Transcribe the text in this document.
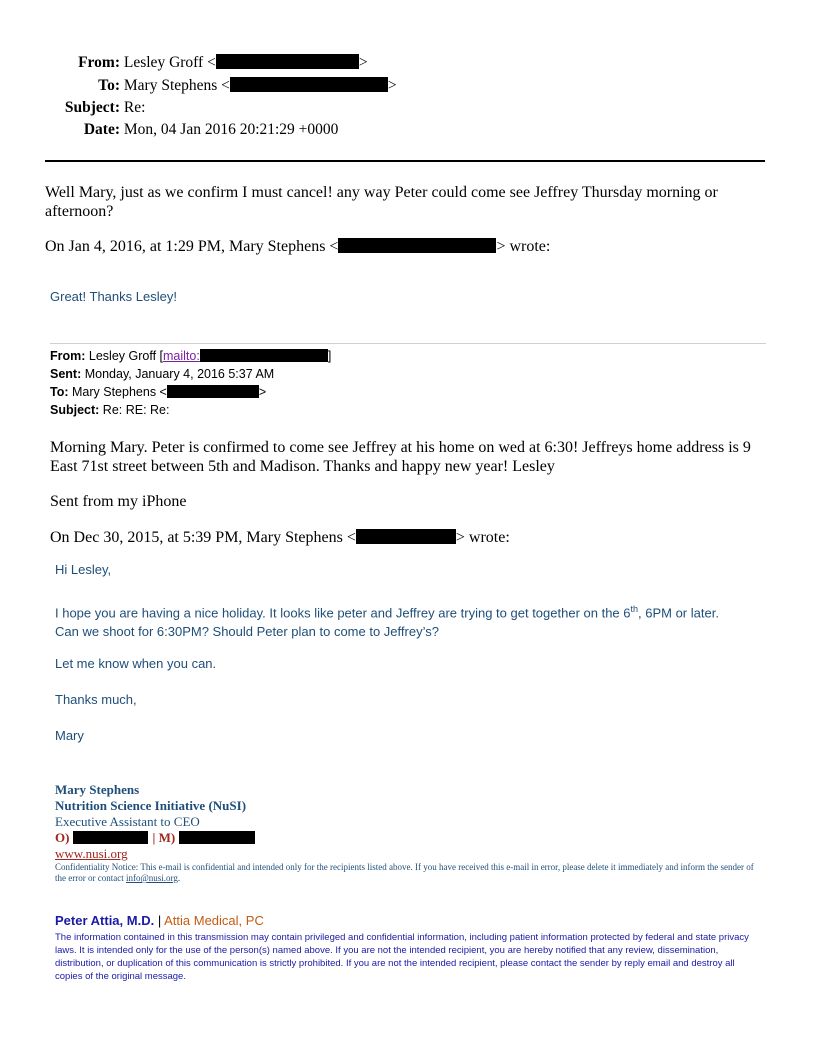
From: Lesley Groff <	>
To: Mary Stephens <	>
Subject: Re:
Date: Mon, 04 Jan 2016 20:21:29 +0000
Well Mary, just as we confirm I must cancel! any way Peter could come see Jeffrey Thursday morning or afternoon?
On Jan 4, 2016, at 1:29 PM, Mary Stephens <	> wrote:
Great! Thanks Lesley!
From: Lesley Groff [mailto:	]
Sent: Monday, January 4, 2016 5:37 AM
To: Mary Stephens <	>
Subject: Re: RE: Re:
Morning Mary. Peter is confirmed to come see Jeffrey at his home on wed at 6:30! Jeffreys home address is 9 East 71st street between 5th and Madison. Thanks and happy new year! Lesley
Sent from my iPhone
On Dec 30, 2015, at 5:39 PM, Mary Stephens <	> wrote:
Hi Lesley,
I hope you are having a nice holiday. It looks like peter and Jeffrey are trying to get together on the 6th, 6PM or later.
Can we shoot for 6:30PM? Should Peter plan to come to Jeffrey’s?
Let me know when you can.
Thanks much,
Mary
Mary Stephens
Nutrition Science Initiative (NuSI)
Executive Assistant to CEO
O)	| M)
www.nusi.org
Confidentiality Notice: This e-mail is confidential and intended only for the recipients listed above. If you have received this e-mail in error, please delete it immediately and inform the sender of the error or contact info@nusi.org.
Peter Attia, M.D. | Attia Medical, PC
The information contained in this transmission may contain privileged and confidential information, including patient information protected by federal and state privacy laws. It is intended only for the use of the person(s) named above. If you are not the intended recipient, you are hereby notified that any review, dissemination, distribution, or duplication of this communication is strictly prohibited. If you are not the intended recipient, please contact the sender by reply email and destroy all copies of the original message.
